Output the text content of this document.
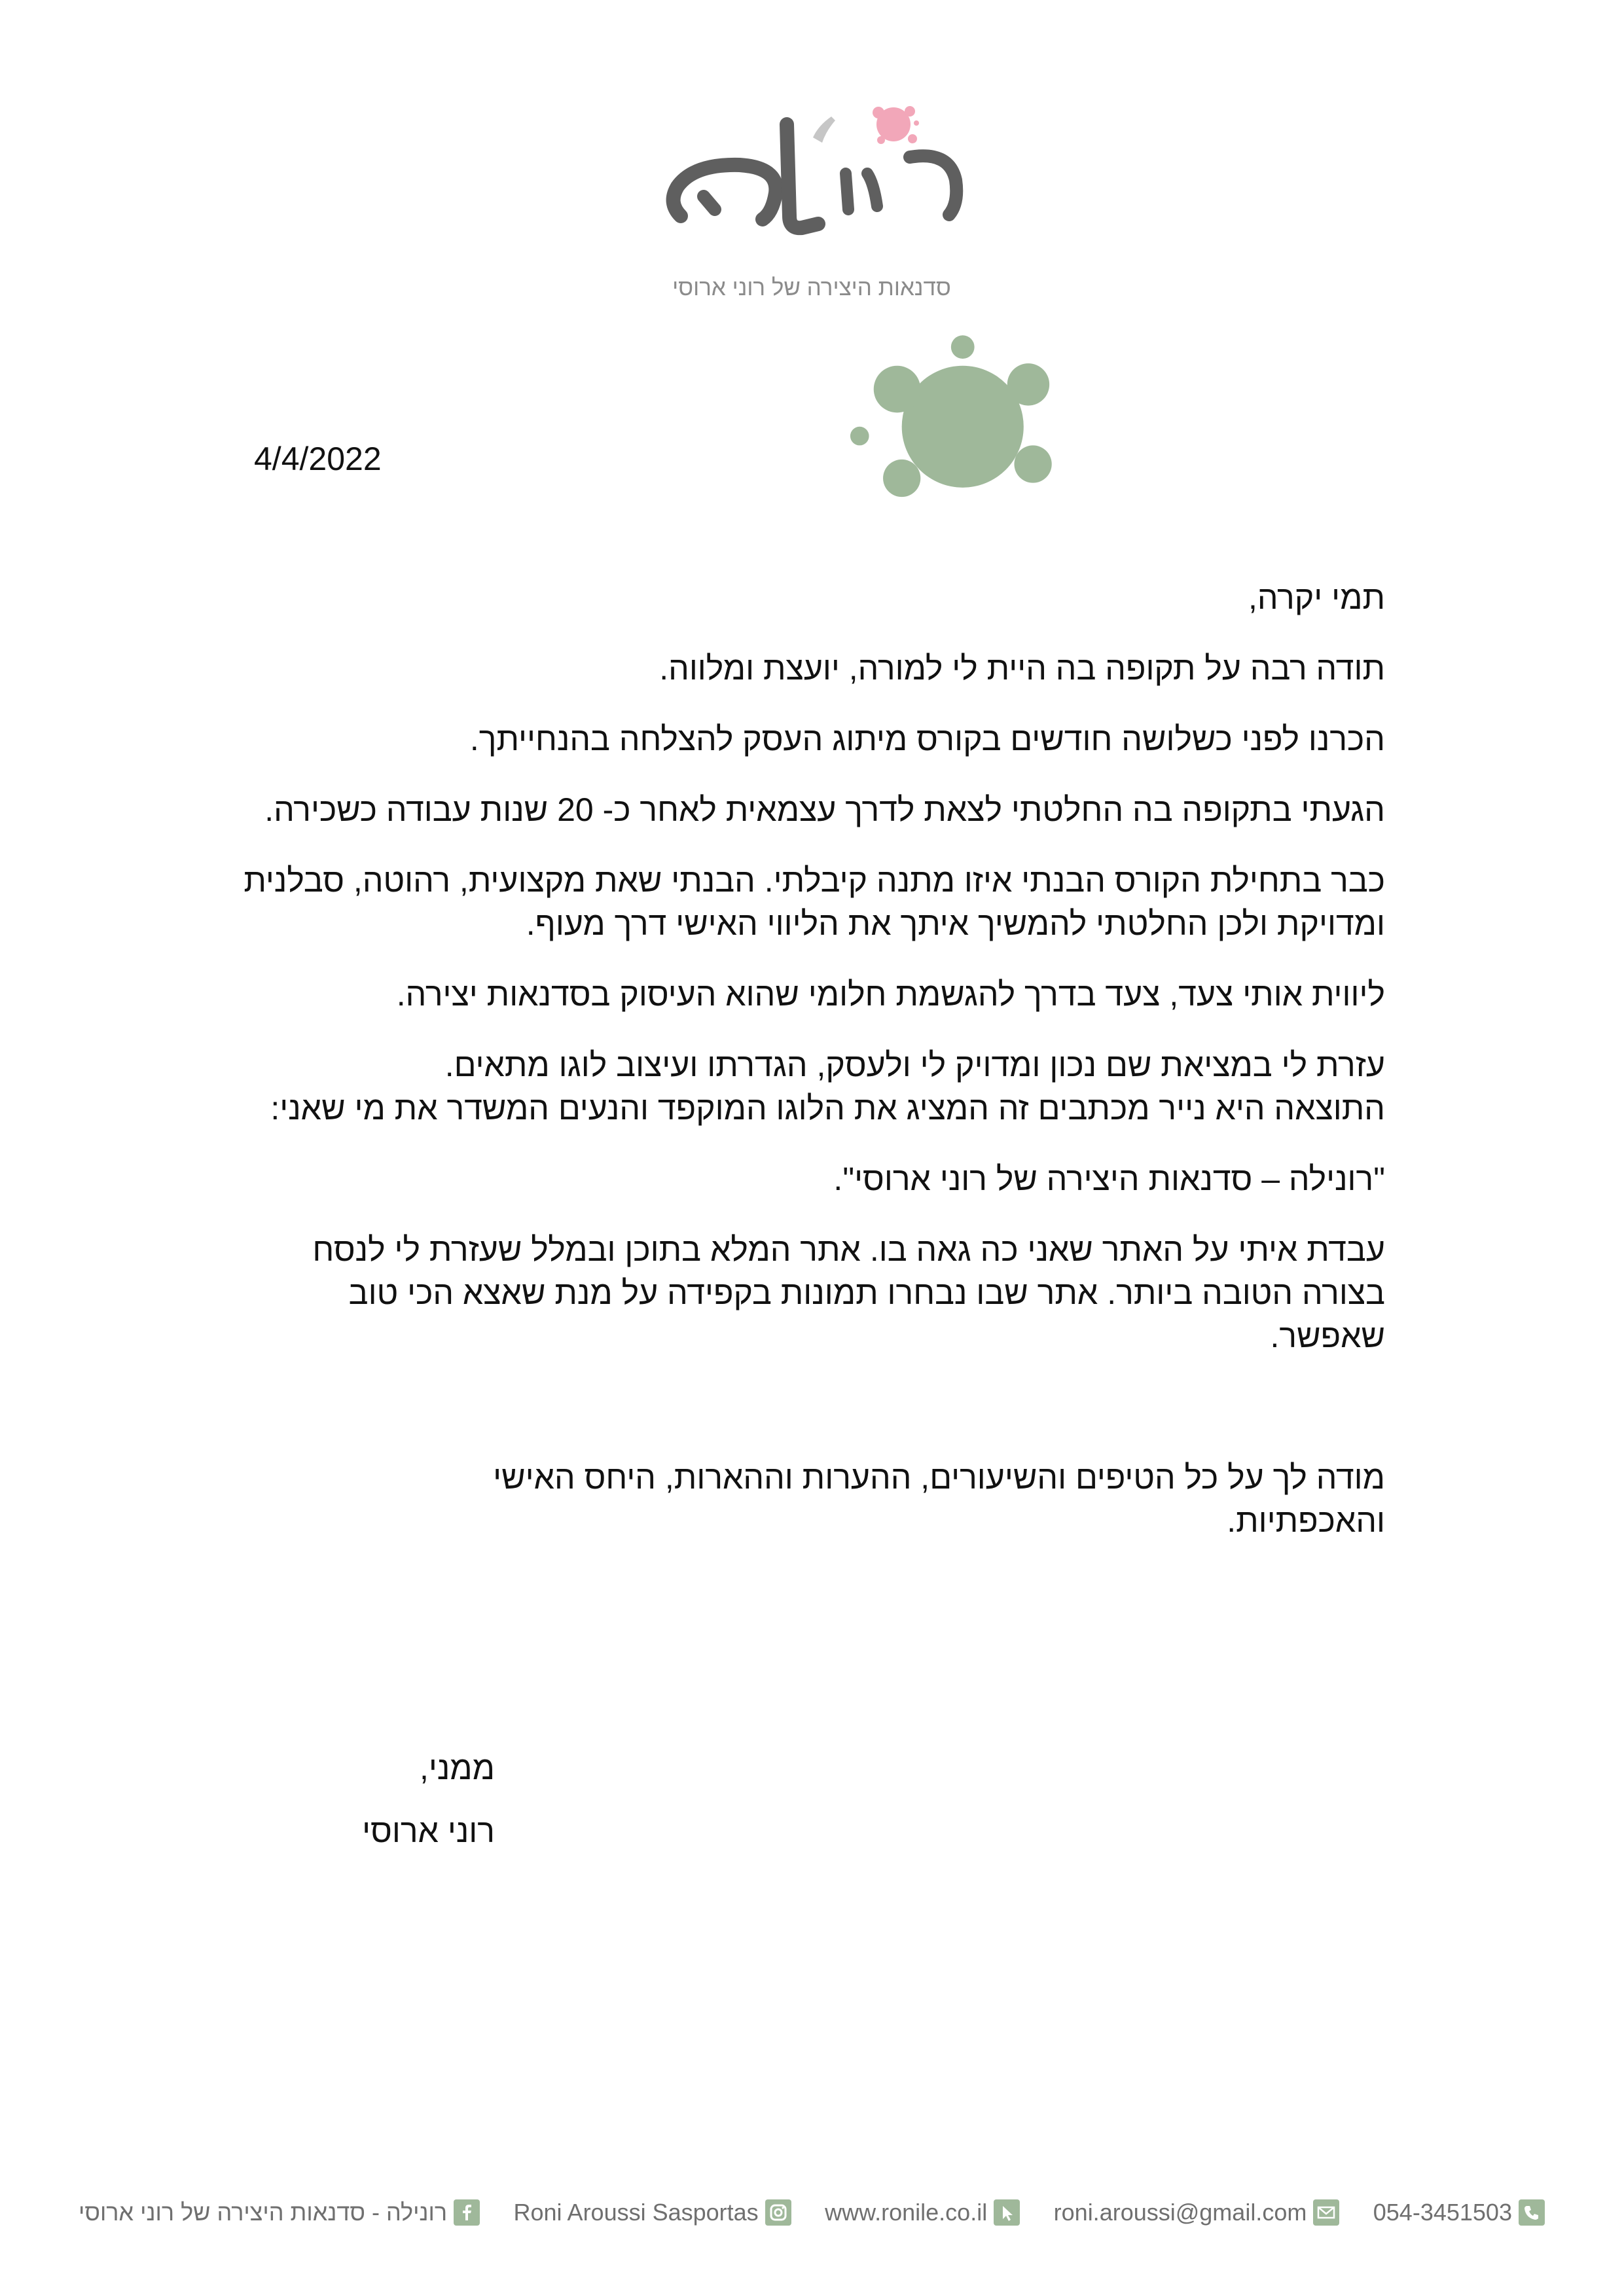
סדנאות היצירה של רוני ארוסי
4/4/2022

תמי יקרה,

תודה רבה על תקופה בה היית לי למורה, יועצת ומלווה.

הכרנו לפני כשלושה חודשים בקורס מיתוג העסק להצלחה בהנחייתך.

הגעתי בתקופה בה החלטתי לצאת לדרך עצמאית לאחר כ- 20 שנות עבודה כשכירה.

כבר בתחילת הקורס הבנתי איזו מתנה קיבלתי. הבנתי שאת מקצועית, רהוטה, סבלנית ומדויקת ולכן החלטתי להמשיך איתך את הליווי האישי דרך מעוף.

ליווית אותי צעד, צעד בדרך להגשמת חלומי שהוא העיסוק בסדנאות יצירה.

עזרת לי במציאת שם נכון ומדויק לי ולעסק, הגדרתו ועיצוב לוגו מתאים.

התוצאה היא נייר מכתבים זה המציג את הלוגו המוקפד והנעים המשדר את מי שאני:

"רונילה – סדנאות היצירה של רוני ארוסי".

עבדת איתי על האתר שאני כה גאה בו. אתר המלא בתוכן ובמלל שעזרת לי לנסח בצורה הטובה ביותר. אתר שבו נבחרו תמונות בקפידה על מנת שאצא הכי טוב שאפשר.

מודה לך על כל הטיפים והשיעורים, ההערות וההארות, היחס האישי והאכפתיות.

ממני,

רוני ארוסי

רונילה - סדנאות היצירה של רוני ארוסי	Roni Aroussi Sasportas	www.ronile.co.il	roni.aroussi@gmail.com	054-3451503
